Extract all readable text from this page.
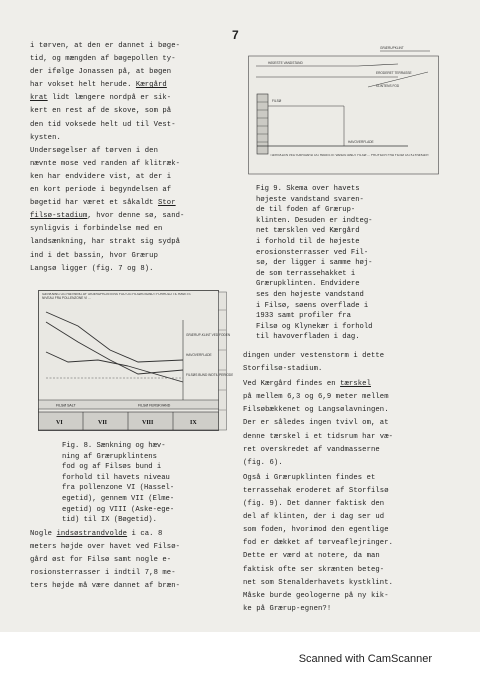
7

i tørven, at den er dannet i bøge-

tid, og mængden af bøgepollen ty-

der ifølge Jonassen på, at bøgen

har vokset helt herude. Kærgård

krat lidt længere nordpå er sik-

kert en rest af de skove, som på

den tid voksede helt ud til Vest-

kysten.

Undersøgelser af tørven i den

nævnte mose ved randen af klitræk-

ken har endvidere vist, at der i

en kort periode i begyndelsen af

bøgetid har været et såkaldt Stor

filsø-stadium, hvor denne sø, sand-

synligvis i forbindelse med en

landsænkning, har strakt sig sydpå

ind i det bassin, hvor Grærup

Langsø ligger (fig. 7 og 8).

SÆNKNING OG HÆVNING AF GRÆRUPKLINTENS FOD OG FILSØS BUND I FORHOLD TIL HAVETS NIVEAU FRA POLLENZONE VI ...
GRÆRUP-KLINT VED FODEN
HAVOVERFLADE
FILSØS BUND INDTIL PERIODE
FILSØ SALT	FILSØ FERSKVAND
VI	VII	VIII	IX

Fig. 8. Sænkning og hæv-

ning af Grærupklintens

fod og af Filsøs bund i

forhold til havets niveau

fra pollenzone VI (Hassel-

egetid), gennem VII (Elme-

egetid) og VIII (Aske-ege-

tid) til IX (Bøgetid).

Nogle indsøstrandvolde i ca. 8

meters højde over havet ved Filsø-

gård øst for Filsø samt nogle e-

rosionsterrasser i indtil 7,8 me-

ters højde må være dannet af bræn-

GRÆRUPKLINT
HØJESTE VANDSTAND
ERODERET TERRASSE
KLINTENS FOD
FILSØ
HAVOVERFLADE
TÆRSKLEN VED KÆRGÅRD OG HØJESTE VANDSTAND I FILSØ ... PROFILER FRA FILSØ OG KLYNEKÆR

Fig 9. Skema over havets

højeste vandstand svaren-

de til foden af Grærup-

klinten. Desuden er indteg-

net tærsklen ved Kærgård

i forhold til de højeste

erosionsterrasser ved Fil-

sø, der ligger i samme høj-

de som terrassehakket i

Grærupklinten. Endvidere

ses den højeste vandstand

i Filsø, søens overflade i

1933 samt profiler fra

Filsø og Klynekær i forhold

til havoverfladen i dag.

dingen under vestenstorm i dette

Storfilsø-stadium.

Ved Kærgård findes en tærskel

på mellem 6,3 og 6,9 meter mellem

Filsøbækkenet og Langsølavningen.

Der er således ingen tvivl om, at

denne tærskel i et tidsrum har væ-

ret overskredet af vandmasserne

(fig. 6).

Også i Grærupklinten findes et

terrassehak eroderet af Storfilsø

(fig. 9). Det danner faktisk den

del af klinten, der i dag ser ud

som foden, hvorimod den egentlige

fod er dækket af tørveaflejringer.

Dette er værd at notere, da man

faktisk ofte ser skrænten beteg-

net som Stenalderhavets kystklint.

Måske burde geologerne på ny kik-

ke på Grærup-egnen?!

Scanned with CamScanner
